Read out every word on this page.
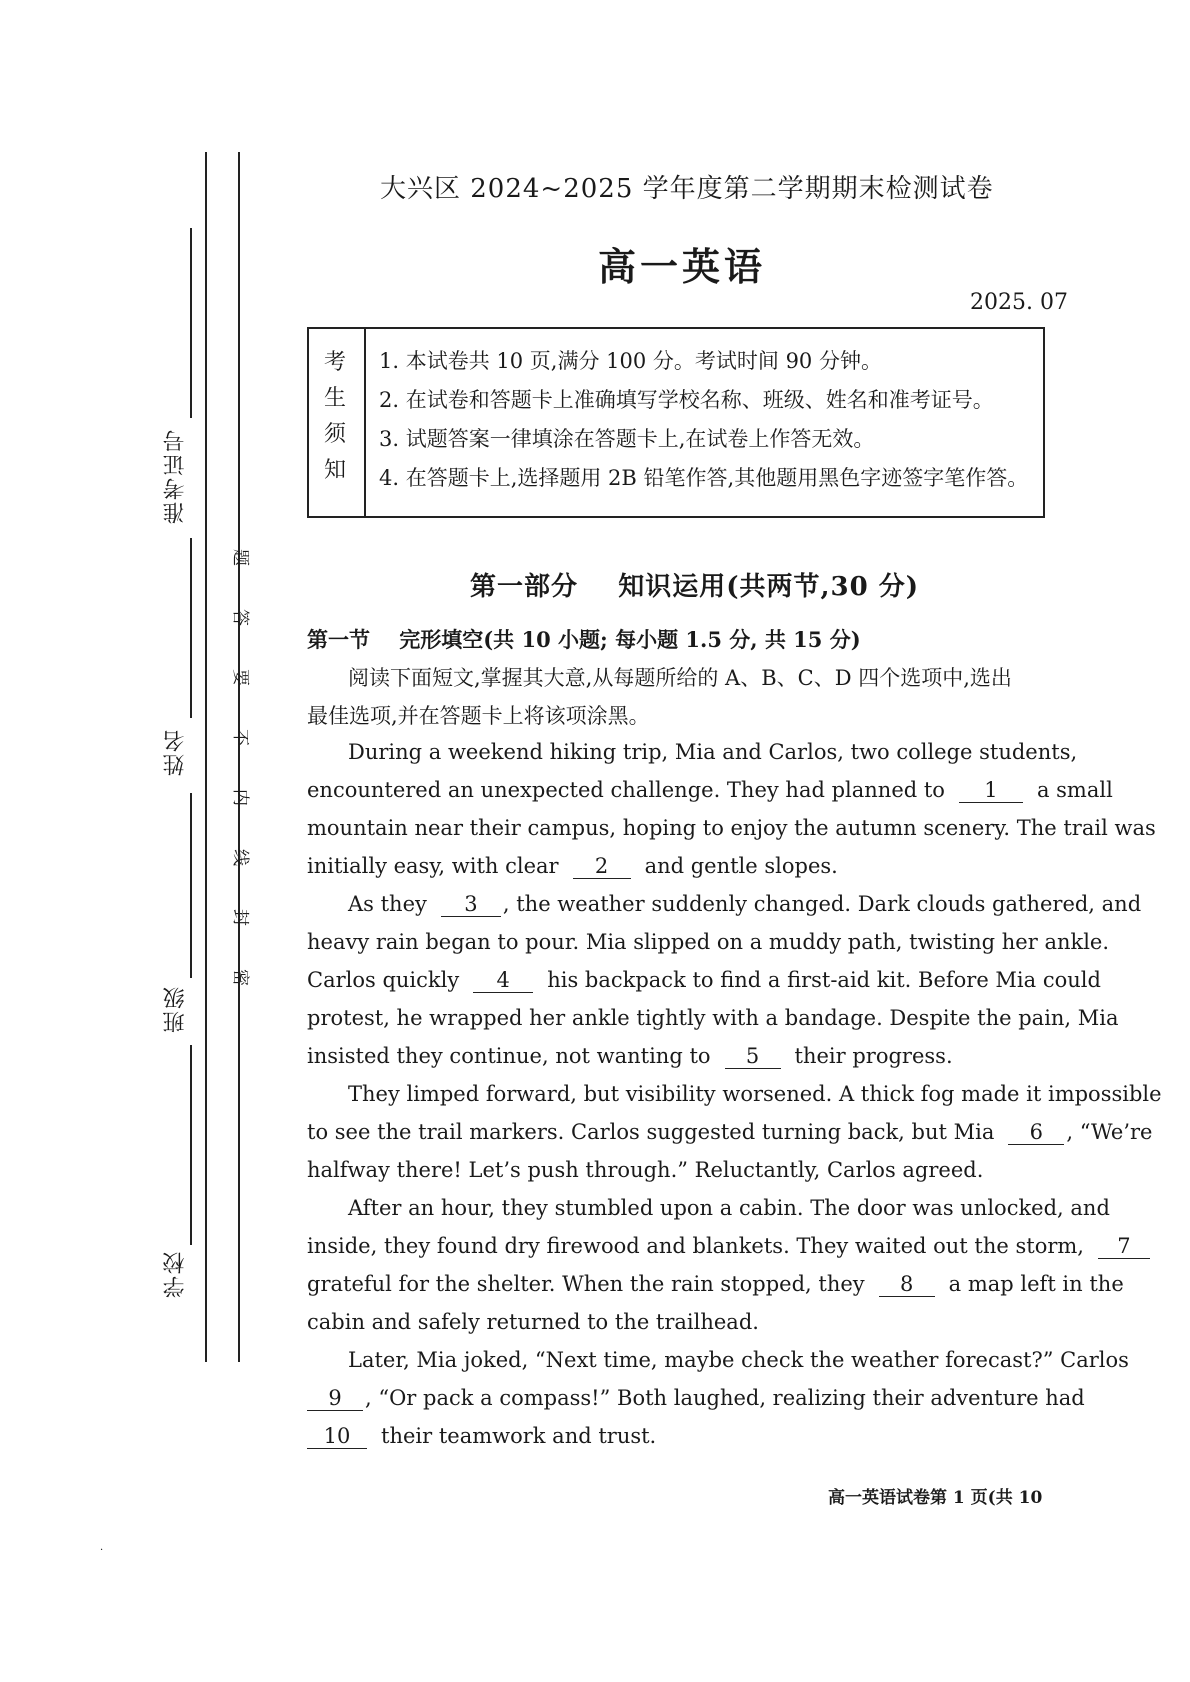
准考证号
姓名
班级
学校
题
答
要
不
内
线
封
密
大兴区 2024~2025 学年度第二学期期末检测试卷
高一英语
2025. 07
考
生
须
知
1. 本试卷共 10 页,满分 100 分。考试时间 90 分钟。
2. 在试卷和答题卡上准确填写学校名称、班级、姓名和准考证号。
3. 试题答案一律填涂在答题卡上,在试卷上作答无效。
4. 在答题卡上,选择题用 2B 铅笔作答,其他题用黑色字迹签字笔作答。
第一部分    知识运用(共两节,30 分)
第一节    完形填空(共 10 小题; 每小题 1.5 分, 共 15 分)
阅读下面短文,掌握其大意,从每题所给的 A、B、C、D 四个选项中,选出
最佳选项,并在答题卡上将该项涂黑。
During a weekend hiking trip, Mia and Carlos, two college students,
encountered an unexpected challenge. They had planned to 1 a small
mountain near their campus, hoping to enjoy the autumn scenery. The trail was
initially easy, with clear 2 and gentle slopes.
As they 3 , the weather suddenly changed. Dark clouds gathered, and
heavy rain began to pour. Mia slipped on a muddy path, twisting her ankle.
Carlos quickly 4 his backpack to find a first-aid kit. Before Mia could
protest, he wrapped her ankle tightly with a bandage. Despite the pain, Mia
insisted they continue, not wanting to 5 their progress.
They limped forward, but visibility worsened. A thick fog made it impossible
to see the trail markers. Carlos suggested turning back, but Mia 6 , “We’re
halfway there! Let’s push through.” Reluctantly, Carlos agreed.
After an hour, they stumbled upon a cabin. The door was unlocked, and
inside, they found dry firewood and blankets. They waited out the storm, 7
grateful for the shelter. When the rain stopped, they 8 a map left in the
cabin and safely returned to the trailhead.
Later, Mia joked, “Next time, maybe check the weather forecast?” Carlos
9 , “Or pack a compass!” Both laughed, realizing their adventure had
10 their teamwork and trust.
高一英语试卷第 1 页(共 10
·
